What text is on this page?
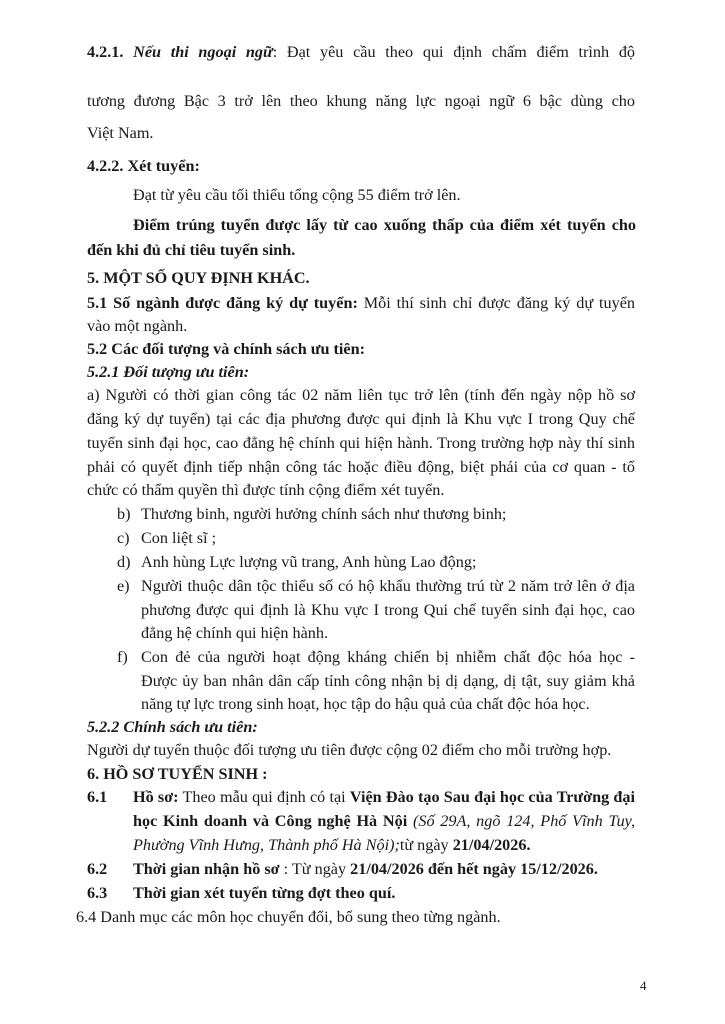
4.2.1. Nếu thi ngoại ngữ: Đạt yêu cầu theo qui định chấm điểm trình độ
tương đương Bậc 3 trở lên theo khung năng lực ngoại ngữ 6 bậc dùng cho
Việt Nam.
4.2.2. Xét tuyển:
Đạt từ yêu cầu tối thiểu tổng cộng 55 điểm trở lên.
Điểm trúng tuyển được lấy từ cao xuống thấp của điểm xét tuyển cho
đến khi đủ chỉ tiêu tuyển sinh.
5. MỘT SỐ QUY ĐỊNH KHÁC.
5.1 Số ngành được đăng ký dự tuyển: Mỗi thí sinh chỉ được đăng ký dự tuyển
vào một ngành.
5.2 Các đối tượng và chính sách ưu tiên:
5.2.1 Đối tượng ưu tiên:
a) Người có thời gian công tác 02 năm liên tục trở lên (tính đến ngày nộp hồ sơ
đăng ký dự tuyển) tại các địa phương được qui định là Khu vực I trong Quy chế
tuyển sinh đại học, cao đẳng hệ chính qui hiện hành. Trong trường hợp này thí sinh
phải có quyết định tiếp nhận công tác hoặc điều động, biệt phái của cơ quan - tổ
chức có thẩm quyền thì được tính cộng điểm xét tuyển.
b) Thương binh, người hưởng chính sách như thương binh;
c) Con liệt sĩ ;
d) Anh hùng Lực lượng vũ trang, Anh hùng Lao động;
e) Người thuộc dân tộc thiểu số có hộ khẩu thường trú từ 2 năm trở lên ở địa
phương được qui định là Khu vực I trong Qui chế tuyển sinh đại học, cao
đẳng hệ chính qui hiện hành.
f) Con đẻ của người hoạt động kháng chiến bị nhiễm chất độc hóa học -
Được ủy ban nhân dân cấp tỉnh công nhận bị dị dạng, dị tật, suy giảm khả
năng tự lực trong sinh hoạt, học tập do hậu quả của chất độc hóa học.
5.2.2 Chính sách ưu tiên:
Người dự tuyển thuộc đối tượng ưu tiên được cộng 02 điểm cho mỗi trường hợp.
6. HỒ SƠ TUYỂN SINH :
6.1 Hồ sơ: Theo mẫu qui định có tại Viện Đào tạo Sau đại học của Trường đại
học Kinh doanh và Công nghệ Hà Nội (Số 29A, ngõ 124, Phố Vĩnh Tuy,
Phường Vĩnh Hưng, Thành phố Hà Nội);từ ngày 21/04/2026.
6.2 Thời gian nhận hồ sơ : Từ ngày 21/04/2026 đến hết ngày 15/12/2026.
6.3 Thời gian xét tuyển từng đợt theo quí.
6.4 Danh mục các môn học chuyển đổi, bổ sung theo từng ngành.
4
